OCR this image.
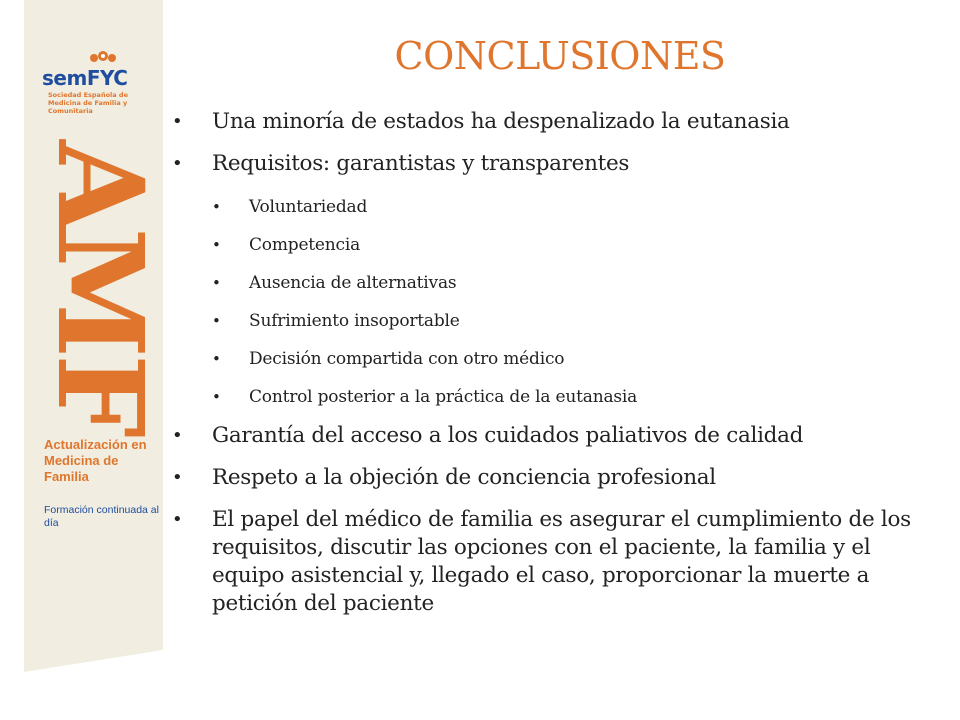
semFYC
Sociedad Española de Medicina de Familia y Comunitaria
AMF
Actualización en Medicina de Familia
Formación continuada al día
CONCLUSIONES
• Una minoría de estados ha despenalizado la eutanasia
• Requisitos: garantistas y transparentes
• Voluntariedad
• Competencia
• Ausencia de alternativas
• Sufrimiento insoportable
• Decisión compartida con otro médico
• Control posterior a la práctica de la eutanasia
• Garantía del acceso a los cuidados paliativos de calidad
• Respeto a la objeción de conciencia profesional
• El papel del médico de familia es asegurar el cumplimiento de los requisitos, discutir las opciones con el paciente, la familia y el equipo asistencial y, llegado el caso, proporcionar la muerte a petición del paciente
